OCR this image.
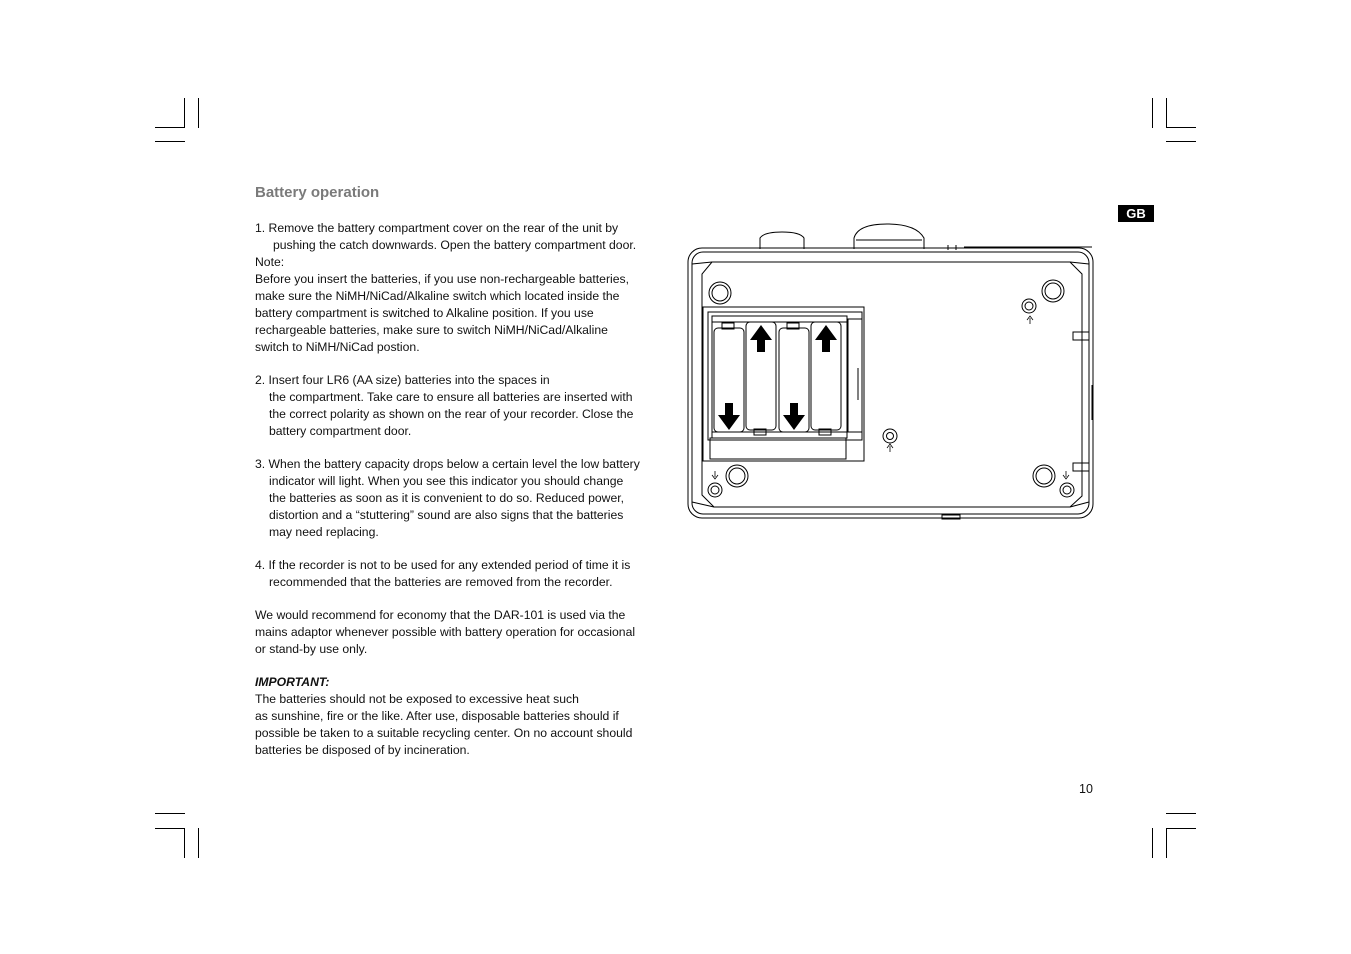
Battery operation

1. Remove the battery compartment cover on the rear of the unit by

pushing the catch downwards. Open the battery compartment door.

Note:

Before you insert the batteries, if you use non-rechargeable batteries,

make sure the NiMH/NiCad/Alkaline switch which located inside the

battery compartment is switched to Alkaline position. If you use

rechargeable batteries, make sure to switch NiMH/NiCad/Alkaline

switch to NiMH/NiCad postion.

2. Insert four LR6 (AA size) batteries into the spaces in

the compartment. Take care to ensure all batteries are inserted with

the correct polarity as shown on the rear of your recorder. Close the

battery compartment door.

3. When the battery capacity drops below a certain level the low battery

indicator will light. When you see this indicator you should change

the batteries as soon as it is convenient to do so. Reduced power,

distortion and a “stuttering” sound are also signs that the batteries

may need replacing.

4. If the recorder is not to be used for any extended period of time it is

recommended that the batteries are removed from the recorder.

We would recommend for economy that the DAR-101 is used via the

mains adaptor whenever possible with battery operation for occasional

or stand-by use only.

IMPORTANT:

The batteries should not be exposed to excessive heat such

as sunshine, fire or the like. After use, disposable batteries should if

possible be taken to a suitable recycling center. On no account should

batteries be disposed of by incineration.

GB
10
